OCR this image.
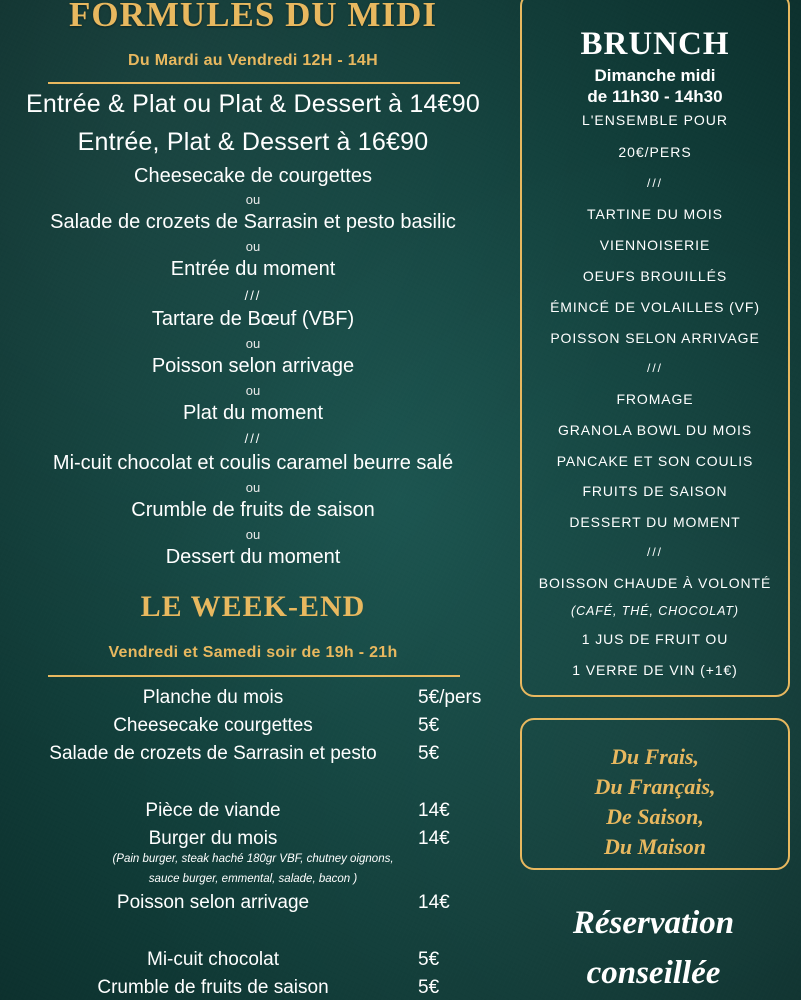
FORMULES DU MIDI
Du Mardi au Vendredi 12H - 14H
Entrée & Plat ou Plat & Dessert à 14€90
Entrée, Plat & Dessert à 16€90
Cheesecake de courgettes
ou
Salade de crozets de Sarrasin et pesto basilic
ou
Entrée du moment
///
Tartare de Bœuf (VBF)
ou
Poisson selon arrivage
ou
Plat du moment
///
Mi-cuit chocolat et coulis caramel beurre salé
ou
Crumble de fruits de saison
ou
Dessert du moment
LE WEEK-END
Vendredi et Samedi soir de 19h - 21h
Planche du mois	5€/pers
Cheesecake courgettes	5€
Salade de crozets de Sarrasin et pesto	5€
Pièce de viande	14€
Burger du mois	14€
(Pain burger, steak haché 180gr VBF, chutney oignons,
sauce burger, emmental, salade, bacon )
Poisson selon arrivage	14€
Mi-cuit chocolat	5€
Crumble de fruits de saison	5€
BRUNCH
Dimanche midi
de 11h30 - 14h30
L'ENSEMBLE POUR
20€/PERS
///
TARTINE DU MOIS
VIENNOISERIE
OEUFS BROUILLÉS
ÉMINCÉ DE VOLAILLES (VF)
POISSON SELON ARRIVAGE
///
FROMAGE
GRANOLA BOWL DU MOIS
PANCAKE ET SON COULIS
FRUITS DE SAISON
DESSERT DU MOMENT
///
BOISSON CHAUDE À VOLONTÉ
(CAFÉ, THÉ, CHOCOLAT)
1 JUS DE FRUIT OU
1 VERRE DE VIN (+1€)
Du Frais,
Du Français,
De Saison,
Du Maison
Réservation
conseillée
